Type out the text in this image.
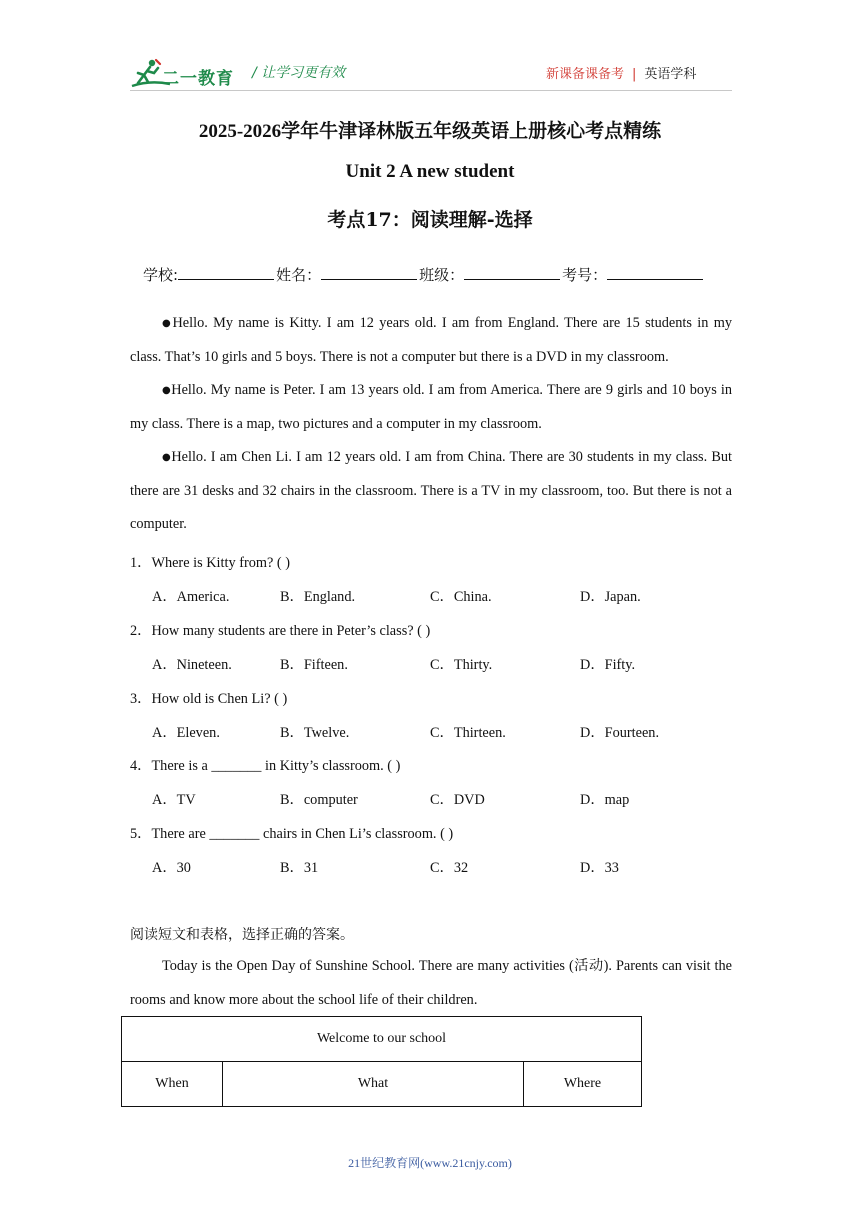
二一教育 / 让学习更有效	新课备课备考 | 英语学科
2025-2026学年牛津译林版五年级英语上册核心考点精练
Unit 2 A new student
考点17：阅读理解-选择
学校:	姓名：	班级：	考号：

●Hello. My name is Kitty. I am 12 years old. I am from England. There are 15 students in my class. That’s 10 girls and 5 boys. There is not a computer but there is a DVD in my classroom.

●Hello. My name is Peter. I am 13 years old. I am from America. There are 9 girls and 10 boys in my class. There is a map, two pictures and a computer in my classroom.

●Hello. I am Chen Li. I am 12 years old. I am from China. There are 30 students in my class. But there are 31 desks and 32 chairs in the classroom. There is a TV in my classroom, too. But there is not a computer.

1．Where is Kitty from? ( )
A．America.	B．England.	C．China.	D．Japan.
2．How many students are there in Peter’s class? ( )
A．Nineteen.	B．Fifteen.	C．Thirty.	D．Fifty.
3．How old is Chen Li? ( )
A．Eleven.	B．Twelve.	C．Thirteen.	D．Fourteen.
4．There is a _______ in Kitty’s classroom. ( )
A．TV	B．computer	C．DVD	D．map
5．There are _______ chairs in Chen Li’s classroom. ( )
A．30	B．31	C．32	D．33
阅读短文和表格，选择正确的答案。

Today is the Open Day of Sunshine School. There are many activities (活动). Parents can visit the rooms and know more about the school life of their children.

Welcome to our school
When	What	Where
21世纪教育网(www.21cnjy.com)
